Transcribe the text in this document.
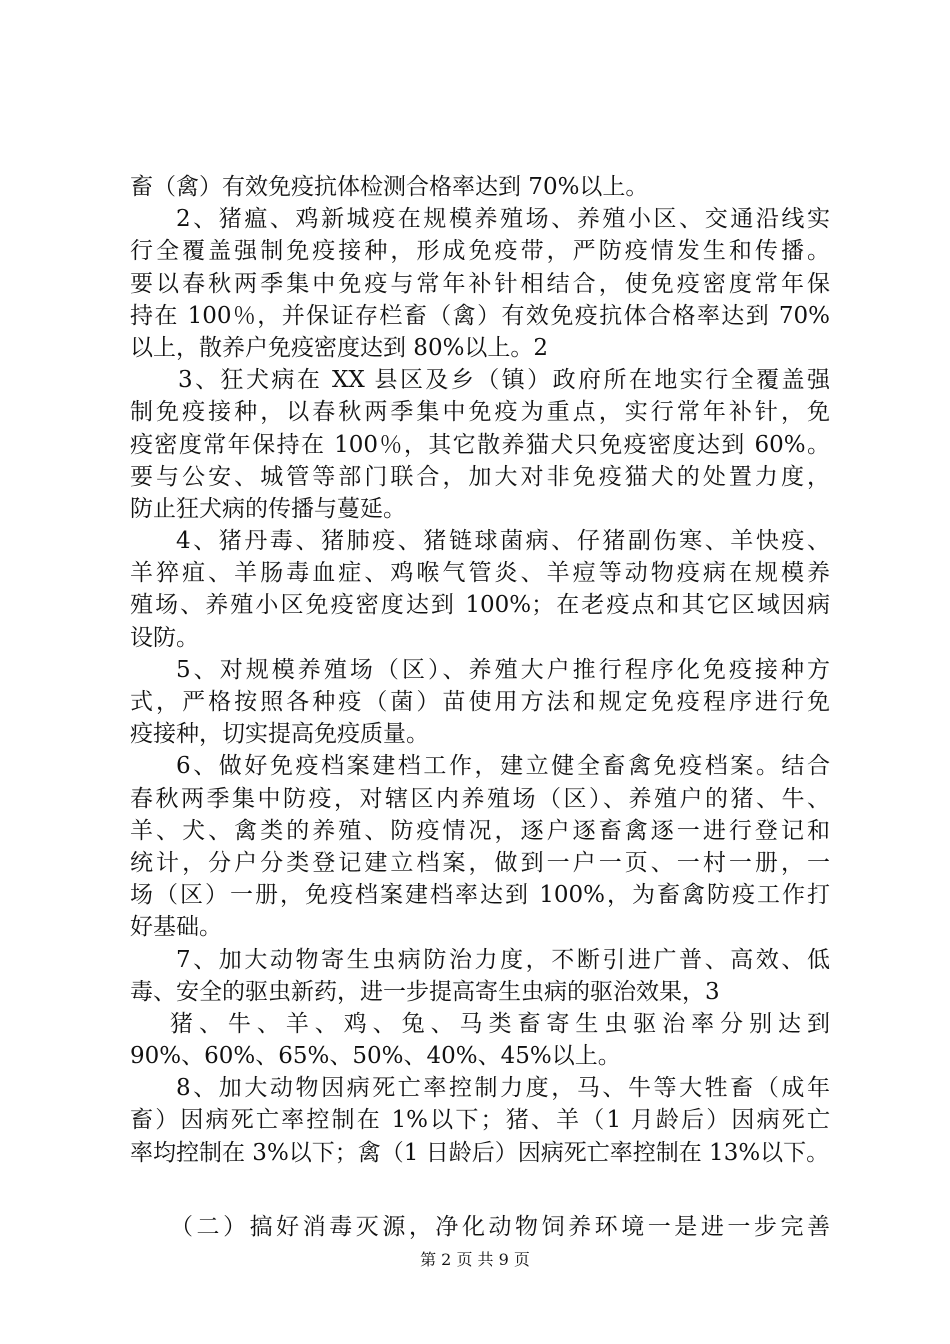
畜（禽）有效免疫抗体检测合格率达到 70%以上。
2、猪瘟、鸡新城疫在规模养殖场、养殖小区、交通沿线实
行全覆盖强制免疫接种，形成免疫带，严防疫情发生和传播。
要以春秋两季集中免疫与常年补针相结合，使免疫密度常年保
持在 100％，并保证存栏畜（禽）有效免疫抗体合格率达到 70%
以上，散养户免疫密度达到 80%以上。2
3、狂犬病在 XX 县区及乡（镇）政府所在地实行全覆盖强
制免疫接种，以春秋两季集中免疫为重点，实行常年补针，免
疫密度常年保持在 100％，其它散养猫犬只免疫密度达到 60%。
要与公安、城管等部门联合，加大对非免疫猫犬的处置力度，
防止狂犬病的传播与蔓延。
4、猪丹毒、猪肺疫、猪链球菌病、仔猪副伤寒、羊快疫、
羊猝疽、羊肠毒血症、鸡喉气管炎、羊痘等动物疫病在规模养
殖场、养殖小区免疫密度达到 100%；在老疫点和其它区域因病
设防。
5、对规模养殖场（区）、养殖大户推行程序化免疫接种方
式，严格按照各种疫（菌）苗使用方法和规定免疫程序进行免
疫接种，切实提高免疫质量。
6、做好免疫档案建档工作，建立健全畜禽免疫档案。结合
春秋两季集中防疫，对辖区内养殖场（区）、养殖户的猪、牛、
羊、犬、禽类的养殖、防疫情况，逐户逐畜禽逐一进行登记和
统计，分户分类登记建立档案，做到一户一页、一村一册，一
场（区）一册，免疫档案建档率达到 100%，为畜禽防疫工作打
好基础。
7、加大动物寄生虫病防治力度，不断引进广普、高效、低
毒、安全的驱虫新药，进一步提高寄生虫病的驱治效果，3
猪、牛、羊、鸡、兔、马类畜寄生虫驱治率分别达到
90%、60%、65%、50%、40%、45%以上。
8、加大动物因病死亡率控制力度，马、牛等大牲畜（成年
畜）因病死亡率控制在 1%以下；猪、羊（1 月龄后）因病死亡
率均控制在 3%以下；禽（1 日龄后）因病死亡率控制在 13%以下。
（二）搞好消毒灭源，净化动物饲养环境一是进一步完善
第 2 页 共 9 页
